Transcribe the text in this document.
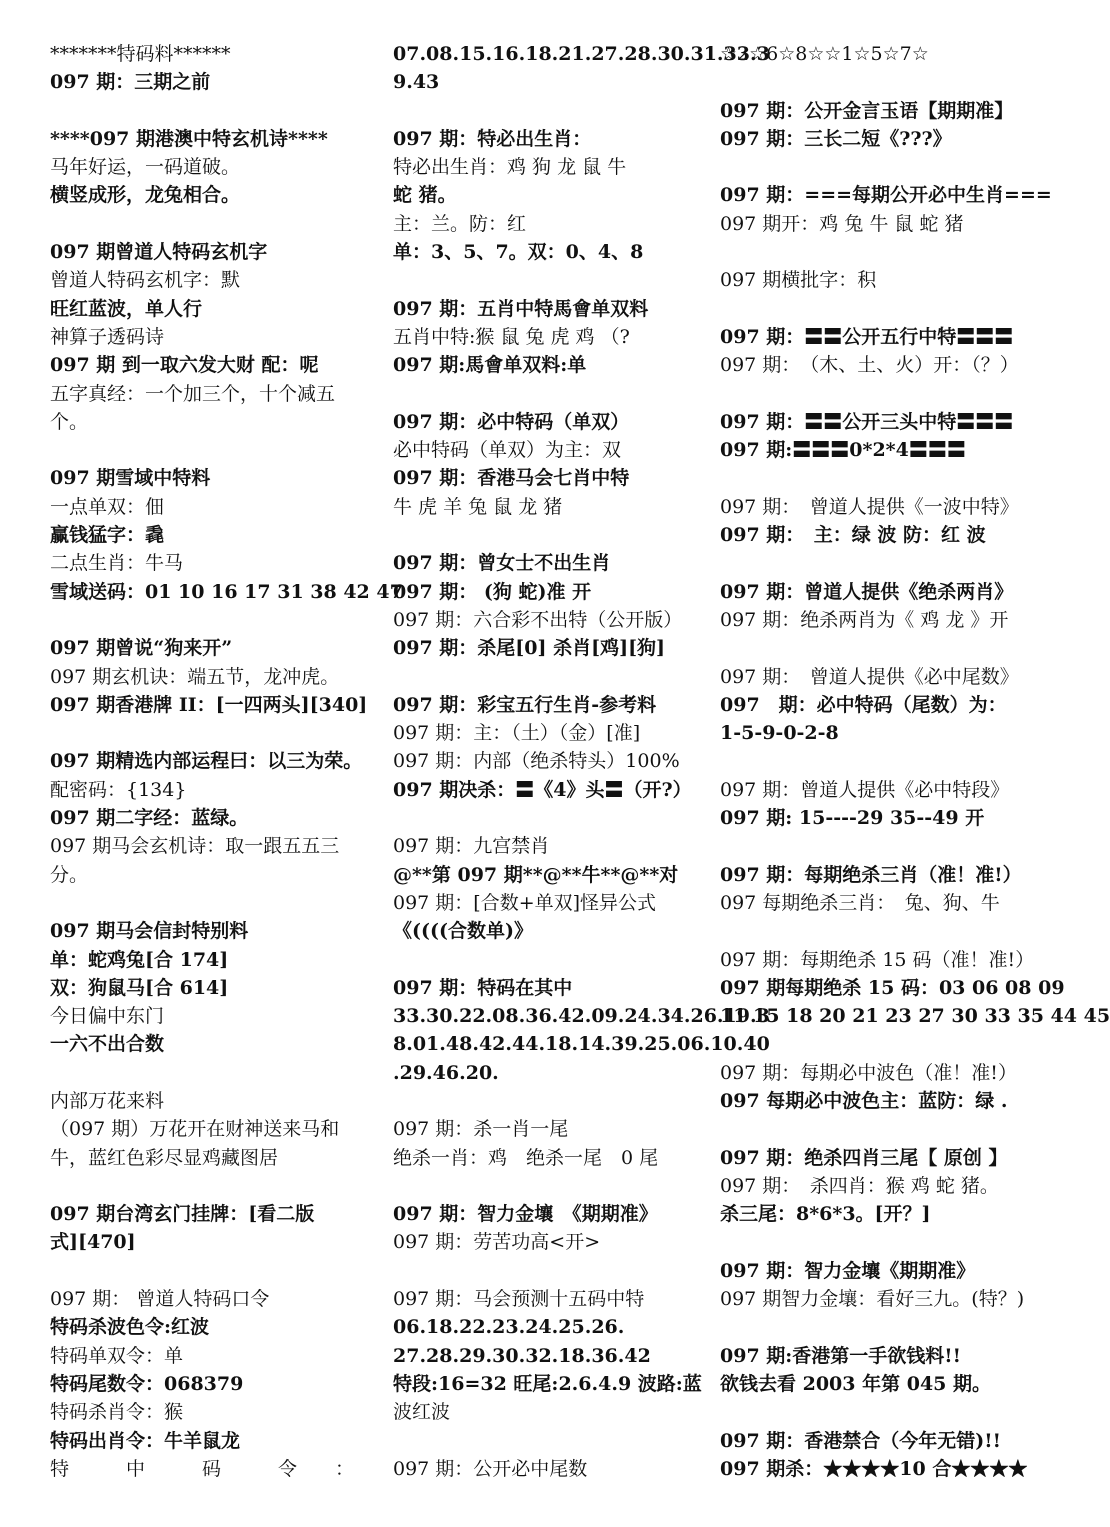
*******特码料******
097 期：三期之前
****097 期港澳中特玄机诗****
马年好运，一码道破。
横竖成形，龙兔相合。
097 期曾道人特码玄机字
曾道人特码玄机字：默
旺红蓝波，单人行
神算子透码诗
097 期 到一取六发大财 配：呢
五字真经：一个加三个，十个减五
个。
097 期雪域中特料
一点单双：佃
赢钱猛字：毳
二点生肖：牛马
雪域送码：01 10 16 17 31 38 42 47
097 期曾说“狗来开”
097 期玄机诀：端五节，龙冲虎。
097 期香港牌 II：[一四两头][340]
097 期精选内部运程曰：以三为荣。
配密码：{134}
097 期二字经：蓝绿。
097 期马会玄机诗：取一跟五五三
分。
097 期马会信封特别料
单：蛇鸡兔[合 174]
双：狗鼠马[合 614]
今日偏中东门
一六不出合数
内部万花来料
（097 期）万花开在财神送来马和
牛，蓝红色彩尽显鸡藏图居
097 期台湾玄门挂牌：[看二版
式][470]
097 期： 曾道人特码口令
特码杀波色令:红波
特码单双令：单
特码尾数令：068379
特码杀肖令：猴
特码出肖令：牛羊鼠龙
特　　　中　　　码　　　令　　：
07.08.15.16.18.21.27.28.30.31.33.3
9.43
097 期：特必出生肖：
特必出生肖：鸡 狗 龙 鼠 牛
蛇 猪。
主：兰。防：红
单：3、5、7。双：0、4、8
097 期：五肖中特馬會单双料
五肖中特:猴 鼠 兔 虎 鸡 （?
097 期:馬會单双料:单
097 期：必中特码（单双）
必中特码（单双）为主：双
097 期：香港马会七肖中特
牛 虎 羊 兔 鼠 龙 猪
097 期：曾女士不出生肖
097 期： (狗 蛇)准 开
097 期：六合彩不出特（公开版）
097 期：杀尾[0] 杀肖[鸡][狗]
097 期：彩宝五行生肖-参考料
097 期：主：（土）（金）[准]
097 期：内部（绝杀特头）100%
097 期决杀：〓《4》头〓（开?）
097 期：九宫禁肖
@**第 097 期**@**牛**@**对
097 期：[合数+单双]怪异公式
《((((合数单)》
097 期：特码在其中
33.30.22.08.36.42.09.24.34.26.19.3
8.01.48.42.44.18.14.39.25.06.10.40
.29.46.20.
097 期：杀一肖一尾
绝杀一肖：鸡　绝杀一尾　0 尾
097 期：智力金壤　《期期准》
097 期：劳苦功高<开>
097 期：马会预测十五码中特
06.18.22.23.24.25.26.
27.28.29.30.32.18.36.42
特段:16=32 旺尾:2.6.4.9 波路:蓝
波红波
097 期：公开必中尾数
☆2☆6☆8☆☆1☆5☆7☆
097 期：公开金言玉语【期期准】
097 期：三长二短《???》
097 期：===每期公开必中生肖===
097 期开：鸡 兔 牛 鼠 蛇 猪
097 期横批字：积
097 期：〓〓公开五行中特〓〓〓
097 期：　（木、土、火）开：（？）
097 期：〓〓公开三头中特〓〓〓
097 期:〓〓〓0*2*4〓〓〓
097 期：　曾道人提供《一波中特》
097 期：　主：绿 波 防：红 波
097 期：曾道人提供《绝杀两肖》
097 期：绝杀两肖为《 鸡 龙 》开
097 期：　曾道人提供《必中尾数》
097　期：必中特码（尾数）为：
1-5-9-0-2-8
097 期：曾道人提供《必中特段》
097 期: 15----29 35--49 开
097 期：每期绝杀三肖（准！准!）
097 每期绝杀三肖：　兔、狗、牛
097 期：每期绝杀 15 码（准！准!）
097 期每期绝杀 15 码：03 06 08 09
11 15 18 20 21 23 27 30 33 35 44 45
097 期：每期必中波色（准！准!）
097 每期必中波色主：蓝防：绿 .
097 期：绝杀四肖三尾【 原创 】
097 期：　杀四肖：猴 鸡 蛇 猪。
杀三尾：8*6*3。[开？]
097 期：智力金壤《期期准》
097 期智力金壤：看好三九。(特？)
097 期:香港第一手欲钱料!!
欲钱去看 2003 年第 045 期。
097 期：香港禁合（今年无错)!!
097 期杀：★★★★10 合★★★★
